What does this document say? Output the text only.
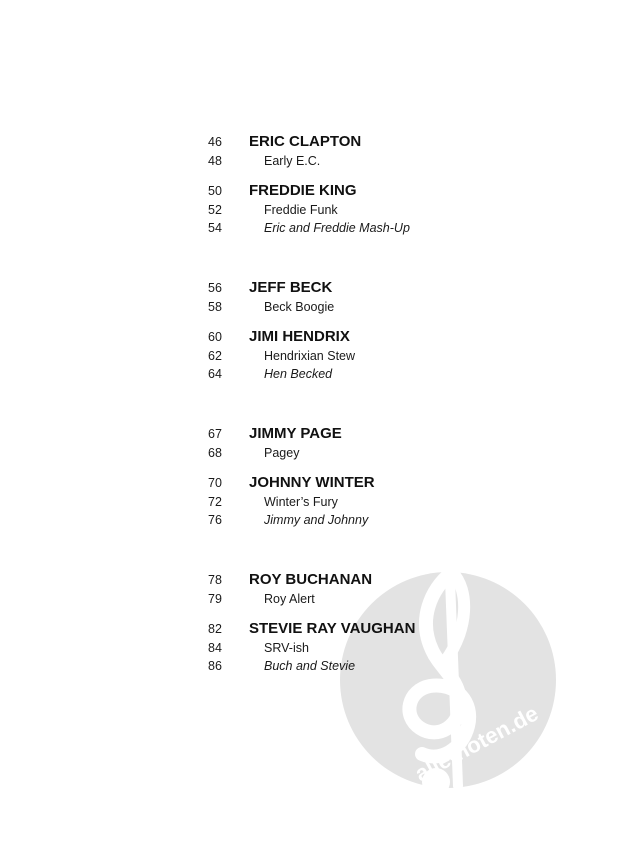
alle-noten.de
46	ERIC CLAPTON
48	Early E.C.
50	FREDDIE KING
52	Freddie Funk
54	Eric and Freddie Mash-Up
56	JEFF BECK
58	Beck Boogie
60	JIMI HENDRIX
62	Hendrixian Stew
64	Hen Becked
67	JIMMY PAGE
68	Pagey
70	JOHNNY WINTER
72	Winter’s Fury
76	Jimmy and Johnny
78	ROY BUCHANAN
79	Roy Alert
82	STEVIE RAY VAUGHAN
84	SRV-ish
86	Buch and Stevie
